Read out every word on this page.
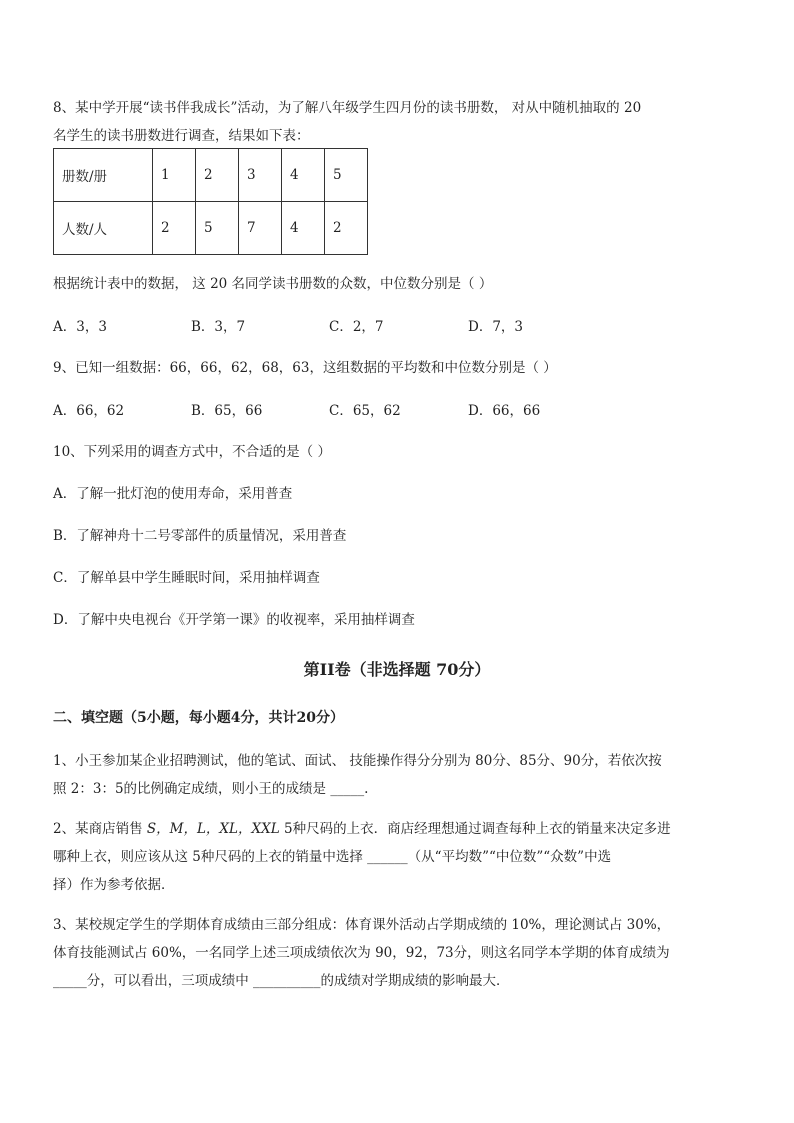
8、某中学开展“读书伴我成长”活动，为了解八年级学生四月份的读书册数， 对从中随机抽取的 20
名学生的读书册数进行调查，结果如下表：
册数/册	1	2	3	4	5
人数/人	2	5	7	4	2
根据统计表中的数据， 这 20 名同学读书册数的众数，中位数分别是（ ）
A．3，3	B．3，7	C．2，7	D．7，3
9、已知一组数据：66，66，62，68，63，这组数据的平均数和中位数分别是（ ）
A．66，62	B．65，66	C．65，62	D．66，66
10、下列采用的调查方式中，不合适的是（ ）
A．了解一批灯泡的使用寿命，采用普查
B．了解神舟十二号零部件的质量情况，采用普查
C．了解单县中学生睡眠时间，采用抽样调查
D．了解中央电视台《开学第一课》的收视率，采用抽样调查
第II卷（非选择题 70分）
二、填空题（5小题，每小题4分，共计20分）
1、小王参加某企业招聘测试，他的笔试、面试、 技能操作得分分别为 80分、85分、90分，若依次按
照 2：3：5的比例确定成绩，则小王的成绩是 _____.
2、某商店销售 S，M，L，XL，XXL 5种尺码的上衣．商店经理想通过调查每种上衣的销量来决定多进
哪种上衣，则应该从这 5种尺码的上衣的销量中选择 ______（从“平均数”“中位数”“众数”中选
择）作为参考依据．
3、某校规定学生的学期体育成绩由三部分组成：体育课外活动占学期成绩的 10%，理论测试占 30%，
体育技能测试占 60%，一名同学上述三项成绩依次为 90，92，73分，则这名同学本学期的体育成绩为
_____分，可以看出，三项成绩中 __________的成绩对学期成绩的影响最大．
